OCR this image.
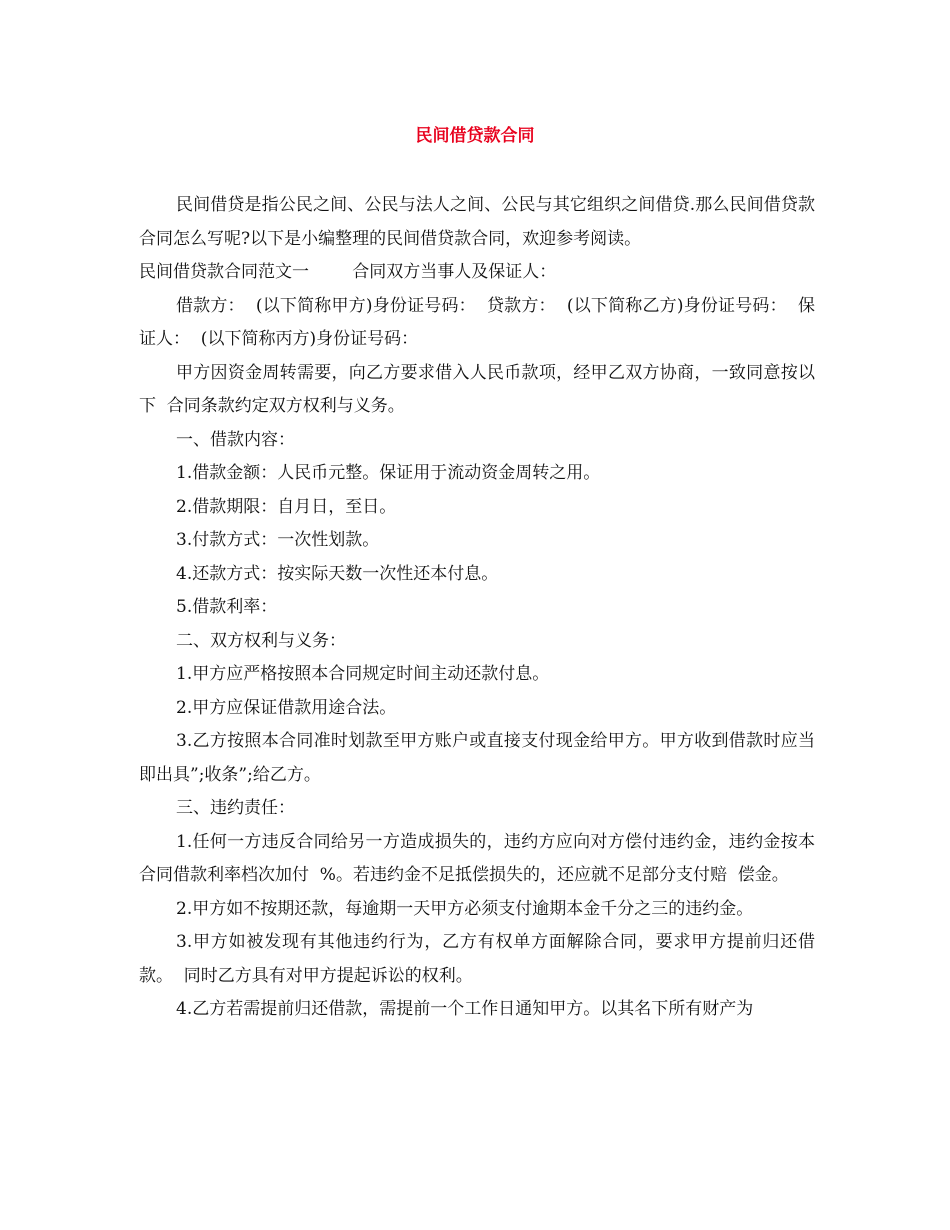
民间借贷款合同

民间借贷是指公民之间、公民与法人之间、公民与其它组织之间借贷.那么民间借贷款合同怎么写呢?以下是小编整理的民间借贷款合同，欢迎参考阅读。

民间借贷款合同范文一        合同双方当事人及保证人：

借款方：  (以下简称甲方)身份证号码：  贷款方：  (以下简称乙方)身份证号码：  保证人：  (以下简称丙方)身份证号码：

甲方因资金周转需要，向乙方要求借入人民币款项，经甲乙双方协商，一致同意按以下  合同条款约定双方权利与义务。

一、借款内容：

1.借款金额：人民币元整。保证用于流动资金周转之用。

2.借款期限：自月日，至日。

3.付款方式：一次性划款。

4.还款方式：按实际天数一次性还本付息。

5.借款利率：

二、双方权利与义务：

1.甲方应严格按照本合同规定时间主动还款付息。

2.甲方应保证借款用途合法。

3.乙方按照本合同准时划款至甲方账户或直接支付现金给甲方。甲方收到借款时应当  即出具”;收条”;给乙方。

三、违约责任：

1.任何一方违反合同给另一方造成损失的，违约方应向对方偿付违约金，违约金按本  合同借款利率档次加付  %。若违约金不足抵偿损失的，还应就不足部分支付赔  偿金。

2.甲方如不按期还款，每逾期一天甲方必须支付逾期本金千分之三的违约金。

3.甲方如被发现有其他违约行为，乙方有权单方面解除合同，要求甲方提前归还借款。  同时乙方具有对甲方提起诉讼的权利。

4.乙方若需提前归还借款，需提前一个工作日通知甲方。以其名下所有财产为
